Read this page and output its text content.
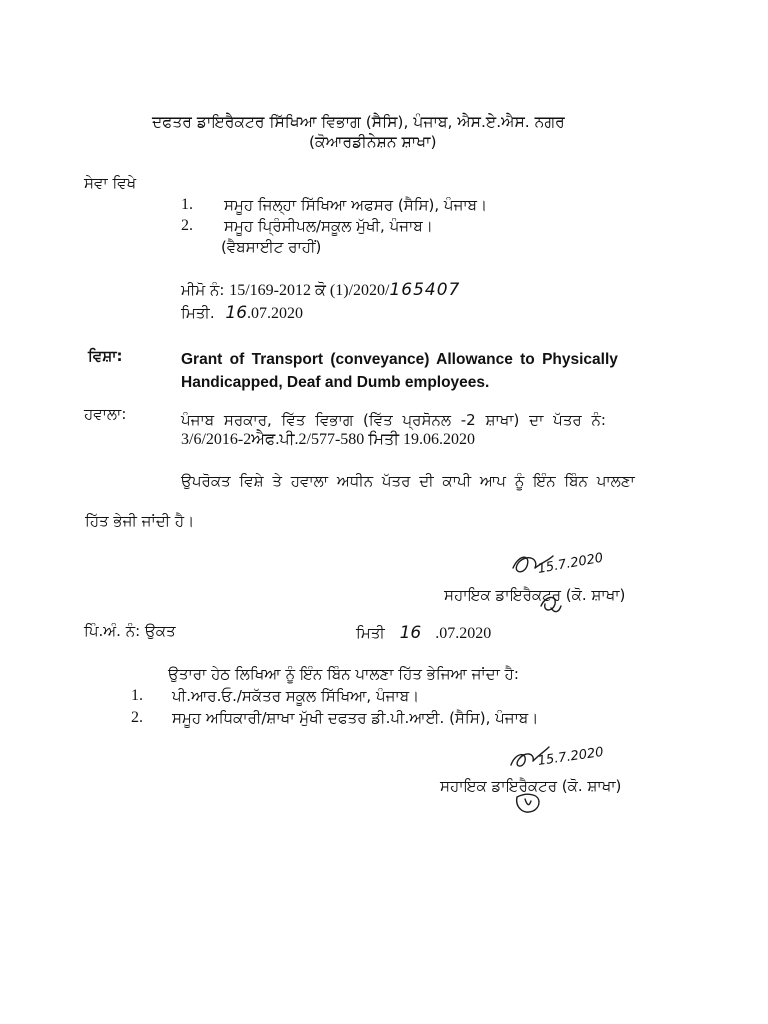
ਦਫਤਰ ਡਾਇਰੈਕਟਰ ਸਿੱਖਿਆ ਵਿਭਾਗ (ਸੈਸਿ), ਪੰਜਾਬ, ਐਸ.ਏ.ਐਸ. ਨਗਰ
(ਕੋਆਰਡੀਨੇਸ਼ਨ ਸ਼ਾਖਾ)
ਸੇਵਾ ਵਿਖੇ
1. ਸਮੂਹ ਜਿਲ੍ਹਾ ਸਿੱਖਿਆ ਅਫਸਰ (ਸੈਸਿ), ਪੰਜਾਬ।
2. ਸਮੂਹ ਪ੍ਰਿੰਸੀਪਲ/ਸਕੂਲ ਮੁੱਖੀ, ਪੰਜਾਬ।
(ਵੈਬਸਾਈਟ ਰਾਹੀਂ)
ਮੀਮੋ ਨੰ: 15/169-2012 ਕੋ (1)/2020/165407
ਮਿਤੀ. 16.07.2020
ਵਿਸ਼ਾ:	Grant of Transport (conveyance) Allowance to Physically
Handicapped, Deaf and Dumb employees.
ਹਵਾਲਾ:	ਪੰਜਾਬ ਸਰਕਾਰ, ਵਿੱਤ ਵਿਭਾਗ (ਵਿੱਤ ਪ੍ਰਸੋਨਲ -2 ਸ਼ਾਖਾ) ਦਾ ਪੱਤਰ ਨੰ:
3/6/2016-2ਐਫ.ਪੀ.2/577-580 ਮਿਤੀ 19.06.2020
ਉਪਰੋਕਤ ਵਿਸ਼ੇ ਤੇ ਹਵਾਲਾ ਅਧੀਨ ਪੱਤਰ ਦੀ ਕਾਪੀ ਆਪ ਨੂੰ ਇੰਨ ਬਿੰਨ ਪਾਲਣਾ
ਹਿੱਤ ਭੇਜੀ ਜਾਂਦੀ ਹੈ।
15.7.2020
ਸਹਾਇਕ ਡਾਇਰੈਕਟਰ (ਕੋ. ਸ਼ਾਖਾ)
ਪਿੰ.ਅੰ. ਨੰ: ਉਕਤ	ਮਿਤੀ 16 .07.2020
ਉਤਾਰਾ ਹੇਠ ਲਿਖਿਆ ਨੂੰ ਇੰਨ ਬਿੰਨ ਪਾਲਣਾ ਹਿੱਤ ਭੇਜਿਆ ਜਾਂਦਾ ਹੈ:
1. ਪੀ.ਆਰ.ਓ./ਸਕੱਤਰ ਸਕੂਲ ਸਿੱਖਿਆ, ਪੰਜਾਬ।
2. ਸਮੂਹ ਅਧਿਕਾਰੀ/ਸ਼ਾਖਾ ਮੁੱਖੀ ਦਫਤਰ ਡੀ.ਪੀ.ਆਈ. (ਸੈਸਿ), ਪੰਜਾਬ।
15.7.2020
ਸਹਾਇਕ ਡਾਇਰੈਕਟਰ (ਕੋ. ਸ਼ਾਖਾ)
